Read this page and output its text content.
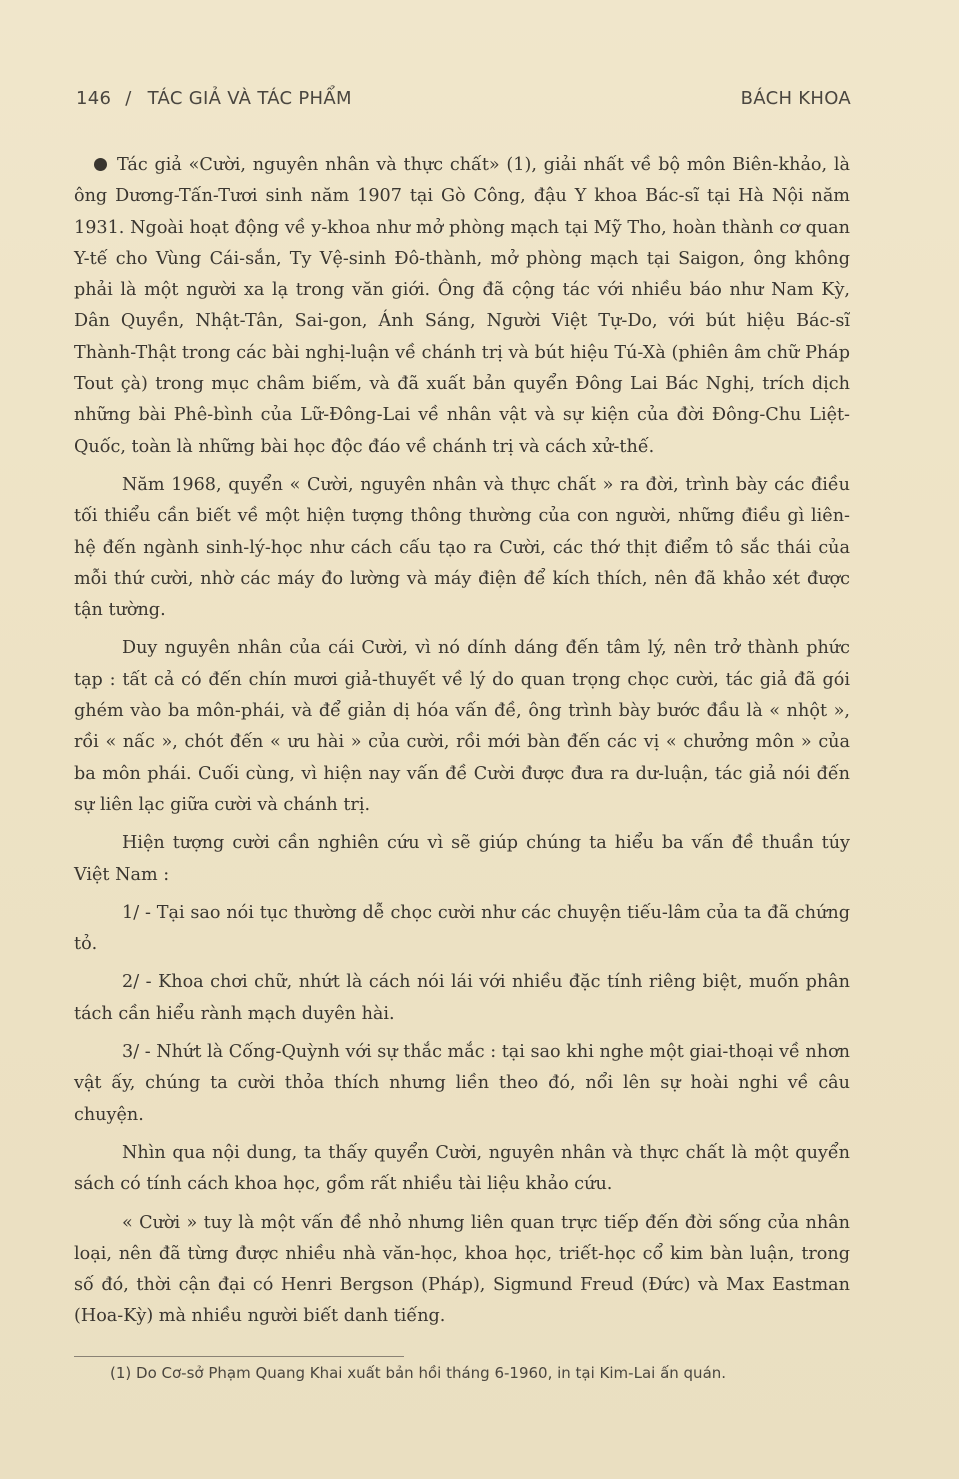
146 / TÁC GIẢ VÀ TÁC PHẨM	BÁCH KHOA

Tác giả «Cười, nguyên nhân và thực chất» (1), giải nhất về bộ môn Biên-khảo, là ông Dương-Tấn-Tươi sinh năm 1907 tại Gò Công, đậu Y khoa Bác-sĩ tại Hà Nội năm 1931. Ngoài hoạt động về y-khoa như mở phòng mạch tại Mỹ Tho, hoàn thành cơ quan Y-tế cho Vùng Cái-sắn, Ty Vệ-sinh Đô-thành, mở phòng mạch tại Saigon, ông không phải là một người xa lạ trong văn giới. Ông đã cộng tác với nhiều báo như Nam Kỳ, Dân Quyền, Nhật-Tân, Sai-gon, Ánh Sáng, Người Việt Tự-Do, với bút hiệu Bác-sĩ Thành-Thật trong các bài nghị-luận về chánh trị và bút hiệu Tú-Xà (phiên âm chữ Pháp Tout çà) trong mục châm biếm, và đã xuất bản quyển Đông Lai Bác Nghị, trích dịch những bài Phê-bình của Lữ-Đông-Lai về nhân vật và sự kiện của đời Đông-Chu Liệt-Quốc, toàn là những bài học độc đáo về chánh trị và cách xử-thế.

Năm 1968, quyển « Cười, nguyên nhân và thực chất » ra đời, trình bày các điều tối thiểu cần biết về một hiện tượng thông thường của con người, những điều gì liên-hệ đến ngành sinh-lý-học như cách cấu tạo ra Cười, các thớ thịt điểm tô sắc thái của mỗi thứ cười, nhờ các máy đo lường và máy điện để kích thích, nên đã khảo xét được tận tường.

Duy nguyên nhân của cái Cười, vì nó dính dáng đến tâm lý, nên trở thành phức tạp : tất cả có đến chín mươi giả-thuyết về lý do quan trọng chọc cười, tác giả đã gói ghém vào ba môn-phái, và để giản dị hóa vấn đề, ông trình bày bước đầu là « nhột », rồi « nấc », chót đến « ưu hài » của cười, rồi mới bàn đến các vị « chưởng môn » của ba môn phái. Cuối cùng, vì hiện nay vấn đề Cười được đưa ra dư-luận, tác giả nói đến sự liên lạc giữa cười và chánh trị.

Hiện tượng cười cần nghiên cứu vì sẽ giúp chúng ta hiểu ba vấn đề thuần túy Việt Nam :

1/ - Tại sao nói tục thường dễ chọc cười như các chuyện tiếu-lâm của ta đã chứng tỏ.

2/ - Khoa chơi chữ, nhứt là cách nói lái với nhiều đặc tính riêng biệt, muốn phân tách cần hiểu rành mạch duyên hài.

3/ - Nhứt là Cống-Quỳnh với sự thắc mắc : tại sao khi nghe một giai-thoại về nhơn vật ấy, chúng ta cười thỏa thích nhưng liền theo đó, nổi lên sự hoài nghi về câu chuyện.

Nhìn qua nội dung, ta thấy quyển Cười, nguyên nhân và thực chất là một quyển sách có tính cách khoa học, gồm rất nhiều tài liệu khảo cứu.

« Cười » tuy là một vấn đề nhỏ nhưng liên quan trực tiếp đến đời sống của nhân loại, nên đã từng được nhiều nhà văn-học, khoa học, triết-học cổ kim bàn luận, trong số đó, thời cận đại có Henri Bergson (Pháp), Sigmund Freud (Đức) và Max Eastman (Hoa-Kỳ) mà nhiều người biết danh tiếng.

(1) Do Cơ-sở Phạm Quang Khai xuất bản hồi tháng 6-1960, in tại Kim-Lai ấn quán.
